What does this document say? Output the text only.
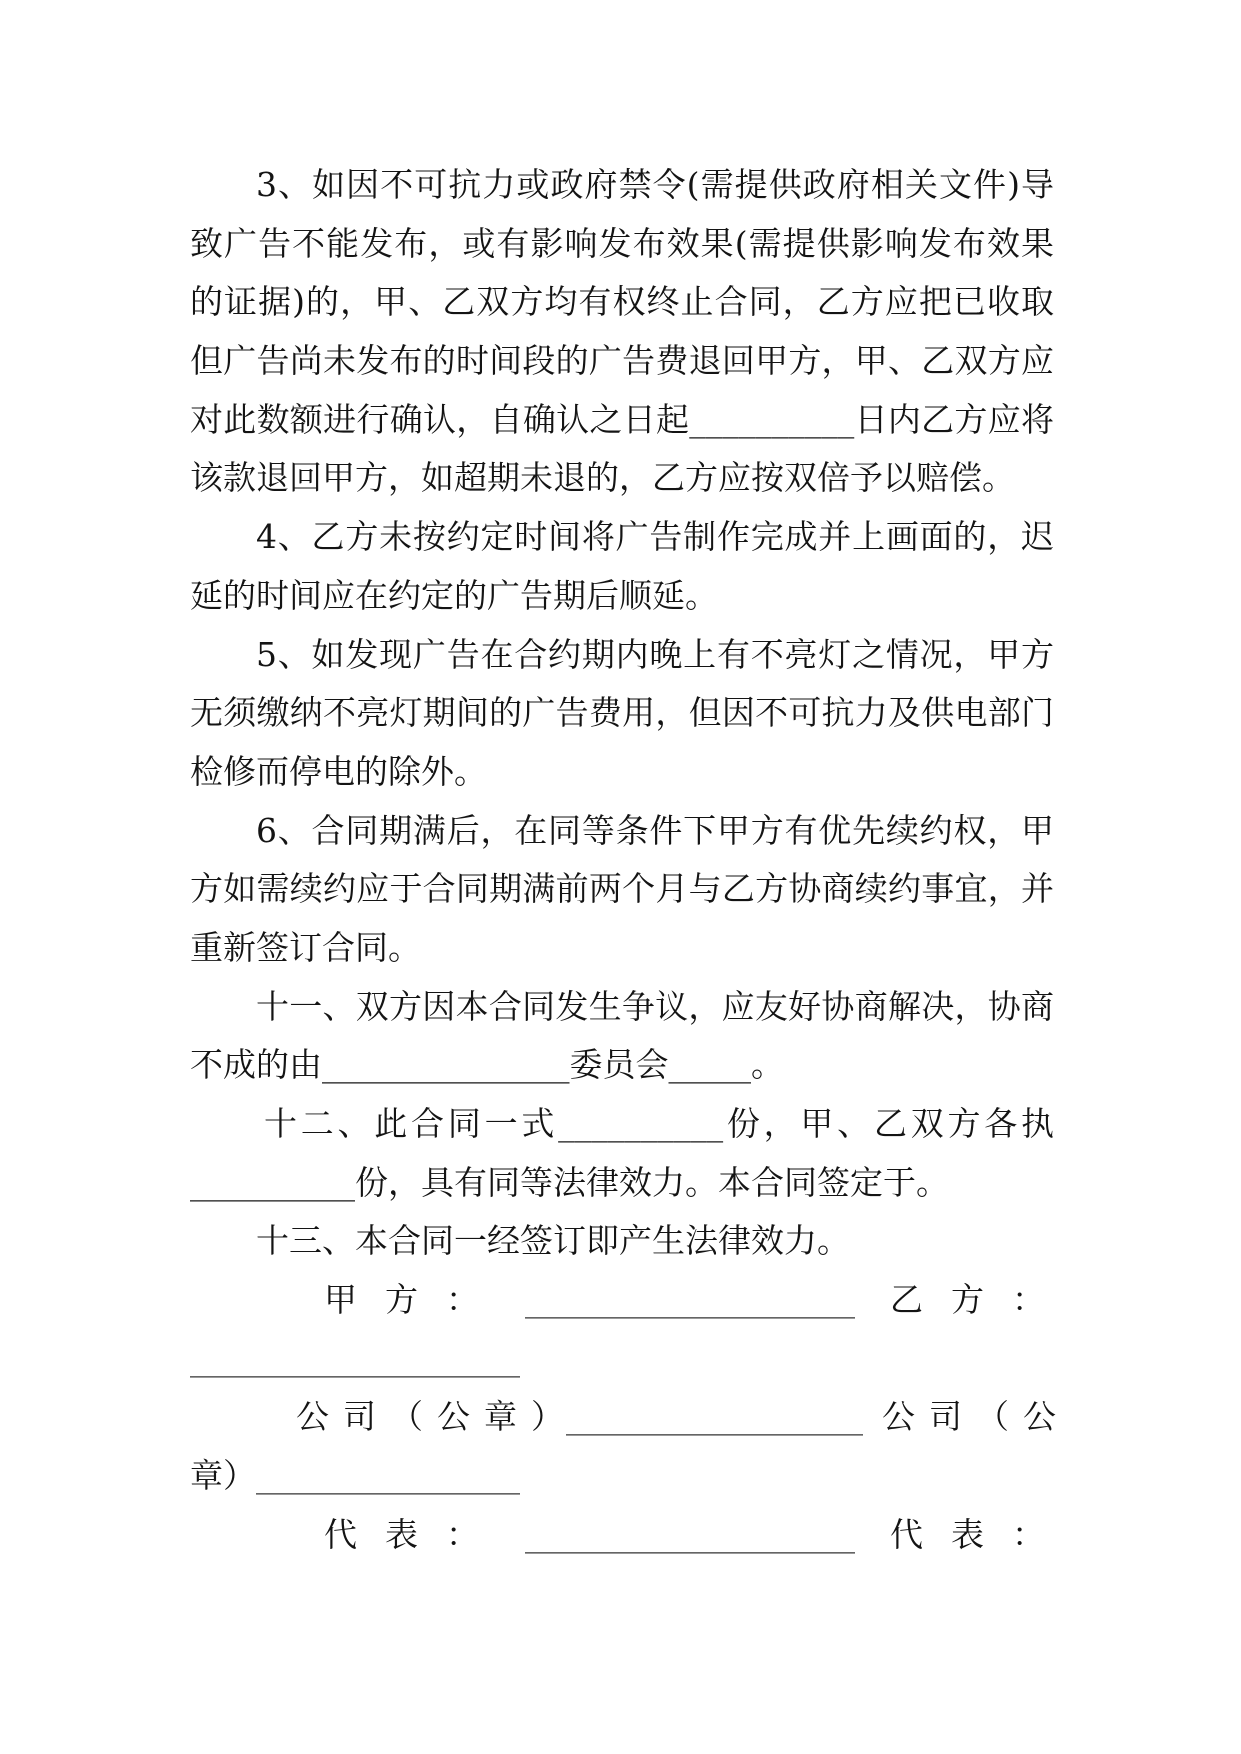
3、如因不可抗力或政府禁令(需提供政府相关文件)导
致广告不能发布，或有影响发布效果(需提供影响发布效果
的证据)的，甲、乙双方均有权终止合同，乙方应把已收取
但广告尚未发布的时间段的广告费退回甲方，甲、乙双方应
对此数额进行确认，自确认之日起__________日内乙方应将
该款退回甲方，如超期未退的，乙方应按双倍予以赔偿。
4、乙方未按约定时间将广告制作完成并上画面的，迟
延的时间应在约定的广告期后顺延。
5、如发现广告在合约期内晚上有不亮灯之情况，甲方
无须缴纳不亮灯期间的广告费用，但因不可抗力及供电部门
检修而停电的除外。
6、合同期满后，在同等条件下甲方有优先续约权，甲
方如需续约应于合同期满前两个月与乙方协商续约事宜，并
重新签订合同。
十一、双方因本合同发生争议，应友好协商解决，协商
不成的由_______________委员会_____。
十二、此合同一式__________份，甲、乙双方各执
__________份，具有同等法律效力。本合同签定于。
十三、本合同一经签订即产生法律效力。
甲方： ____________________ 乙方：
____________________
公司（公章）
__________________ 公司（公
章） ________________
代表： ____________________ 代表：
